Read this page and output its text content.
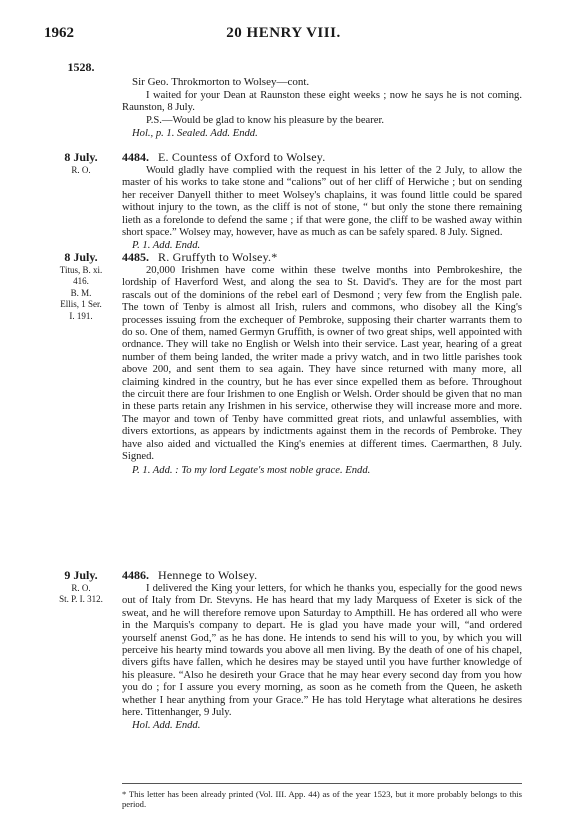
1962	20 HENRY VIII.
1528.
Sir Geo. Throkmorton to Wolsey—cont.

I waited for your Dean at Raunston these eight weeks ; now he says he is not coming. Raunston, 8 July.

P.S.—Would be glad to know his pleasure by the bearer.

Hol., p. 1. Sealed. Add. Endd.
8 July.
R. O.
4484. E. Countess of Oxford to Wolsey.

Would gladly have complied with the request in his letter of the 2 July, to allow the master of his works to take stone and “calions” out of her cliff of Herwiche ; but on sending her receiver Danyell thither to meet Wolsey's chaplains, it was found little could be spared without injury to the town, as the cliff is not of stone, “ but only the stone there remaining lieth as a forelonde to defend the same ; if that were gone, the cliff to be washed away within short space.” Wolsey may, however, have as much as can be safely spared. 8 July. Signed.

P. 1. Add. Endd.
8 July.
Titus, B. xi.
416.
B. M.
Ellis, 1 Ser.
I. 191.
4485. R. Gruffyth to Wolsey.*

20,000 Irishmen have come within these twelve months into Pembrokeshire, the lordship of Haverford West, and along the sea to St. David's. They are for the most part rascals out of the dominions of the rebel earl of Desmond ; very few from the English pale. The town of Tenby is almost all Irish, rulers and commons, who disobey all the King's processes issuing from the exchequer of Pembroke, supposing their charter warrants them to do so. One of them, named Germyn Gruffith, is owner of two great ships, well appointed with ordnance. They will take no English or Welsh into their service. Last year, hearing of a great number of them being landed, the writer made a privy watch, and in two little parishes took above 200, and sent them to sea again. They have since returned with many more, all claiming kindred in the country, but he has ever since expelled them as before. Throughout the circuit there are four Irishmen to one English or Welsh. Order should be given that no man in these parts retain any Irishmen in his service, otherwise they will increase more and more. The mayor and town of Tenby have committed great riots, and unlawful assemblies, with divers extortions, as appears by indictments against them in the records of Pembroke. They have also aided and victualled the King's enemies at different times. Caermarthen, 8 July. Signed.

P. 1. Add. : To my lord Legate's most noble grace. Endd.
9 July.
R. O.
St. P. I. 312.
4486. Hennege to Wolsey.

I delivered the King your letters, for which he thanks you, especially for the good news out of Italy from Dr. Stevyns. He has heard that my lady Marquess of Exeter is sick of the sweat, and he will therefore remove upon Saturday to Ampthill. He has ordered all who were in the Marquis's company to depart. He is glad you have made your will, “and ordered yourself anenst God,” as he has done. He intends to send his will to you, by which you will perceive his hearty mind towards you above all men living. By the death of one of his chapel, divers gifts have fallen, which he desires may be stayed until you have further knowledge of his pleasure. “Also he desireth your Grace that he may hear every second day from you how you do ; for I assure you every morning, as soon as he cometh from the Queen, he asketh whether I hear anything from your Grace.” He has told Herytage what alterations he desires here. Tittenhanger, 9 July.

Hol. Add. Endd.
* This letter has been already printed (Vol. III. App. 44) as of the year 1523, but it more probably belongs to this period.
